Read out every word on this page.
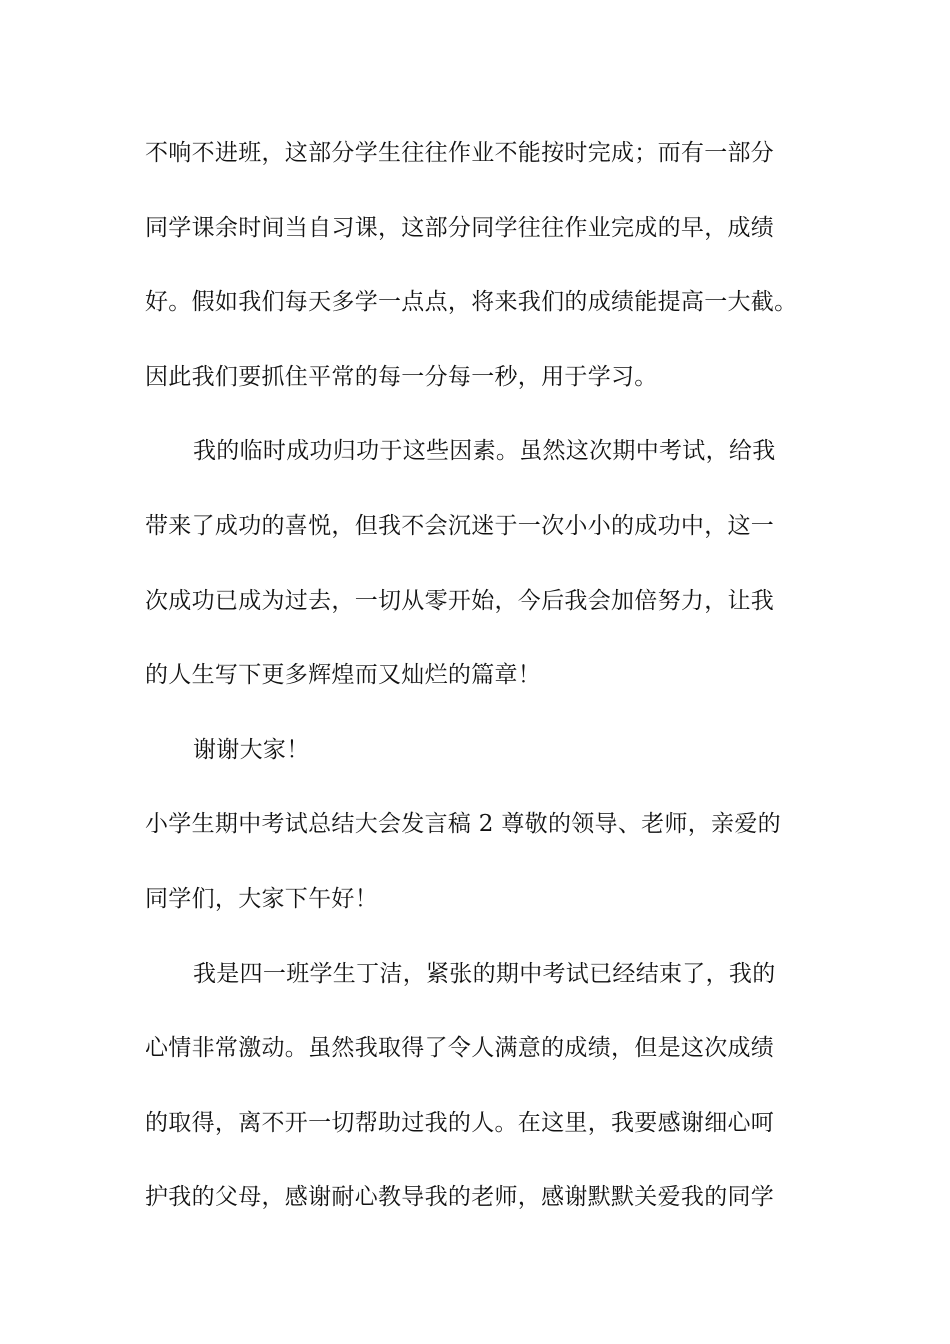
不响不进班，这部分学生往往作业不能按时完成；而有一部分
同学课余时间当自习课，这部分同学往往作业完成的早，成绩
好。假如我们每天多学一点点，将来我们的成绩能提高一大截。
因此我们要抓住平常的每一分每一秒，用于学习。
我的临时成功归功于这些因素。虽然这次期中考试，给我
带来了成功的喜悦，但我不会沉迷于一次小小的成功中，这一
次成功已成为过去，一切从零开始，今后我会加倍努力，让我
的人生写下更多辉煌而又灿烂的篇章！
谢谢大家！
小学生期中考试总结大会发言稿 2 尊敬的领导、老师，亲爱的
同学们，大家下午好！
我是四一班学生丁洁，紧张的期中考试已经结束了，我的
心情非常激动。虽然我取得了令人满意的成绩，但是这次成绩
的取得，离不开一切帮助过我的人。在这里，我要感谢细心呵
护我的父母，感谢耐心教导我的老师，感谢默默关爱我的同学
